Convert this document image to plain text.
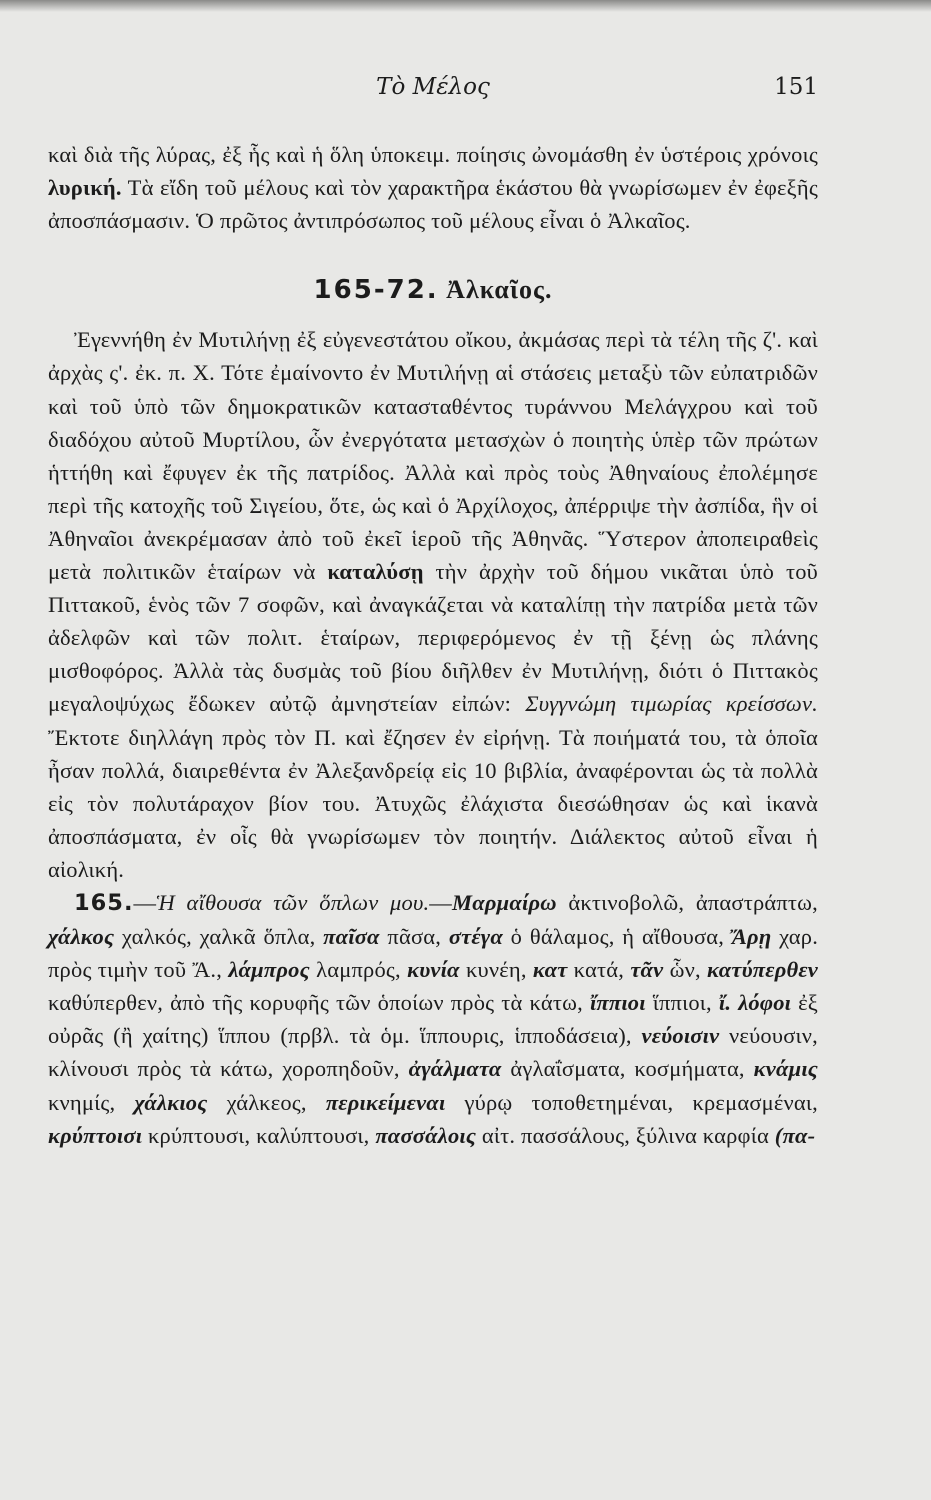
Τὸ Μέλος	151

καὶ διὰ τῆς λύρας, ἐξ ἧς καὶ ἡ ὅλη ὑποκειμ. ποίησις ὠνομάσθη ἐν ὑστέροις χρόνοις λυρική. Τὰ εἴδη τοῦ μέλους καὶ τὸν χαρακτῆρα ἑκάστου θὰ γνωρίσωμεν ἐν ἐφεξῆς ἀποσπάσμασιν. Ὁ πρῶτος ἀντιπρόσωπος τοῦ μέλους εἶναι ὁ Ἀλκαῖος.

165-72. Ἀλκαῖος.

Ἐγεννήθη ἐν Μυτιλήνῃ ἐξ εὐγενεστάτου οἴκου, ἀκμάσας περὶ τὰ τέλη τῆς ζ'. καὶ ἀρχὰς ς'. ἐκ. π. Χ. Τότε ἐμαίνοντο ἐν Μυτιλήνῃ αἱ στάσεις μεταξὺ τῶν εὐπατριδῶν καὶ τοῦ ὑπὸ τῶν δημοκρατικῶν κατασταθέντος τυράννου Μελάγχρου καὶ τοῦ διαδόχου αὐτοῦ Μυρτίλου, ὧν ἐνεργότατα μετασχὼν ὁ ποιητὴς ὑπὲρ τῶν πρώτων ἡττήθη καὶ ἔφυγεν ἐκ τῆς πατρίδος. Ἀλλὰ καὶ πρὸς τοὺς Ἀθηναίους ἐπολέμησε περὶ τῆς κατοχῆς τοῦ Σιγείου, ὅτε, ὡς καὶ ὁ Ἀρχίλοχος, ἀπέρριψε τὴν ἀσπίδα, ἣν οἱ Ἀθηναῖοι ἀνεκρέμασαν ἀπὸ τοῦ ἐκεῖ ἱεροῦ τῆς Ἀθηνᾶς. Ὕστερον ἀποπειραθεὶς μετὰ πολιτικῶν ἑταίρων νὰ καταλύσῃ τὴν ἀρχὴν τοῦ δήμου νικᾶται ὑπὸ τοῦ Πιττακοῦ, ἑνὸς τῶν 7 σοφῶν, καὶ ἀναγκάζεται νὰ καταλίπῃ τὴν πατρίδα μετὰ τῶν ἀδελφῶν καὶ τῶν πολιτ. ἑταίρων, περιφερόμενος ἐν τῇ ξένῃ ὡς πλάνης μισθοφόρος. Ἀλλὰ τὰς δυσμὰς τοῦ βίου διῆλθεν ἐν Μυτιλήνῃ, διότι ὁ Πιττακὸς μεγαλοψύχως ἔδωκεν αὐτῷ ἀμνηστείαν εἰπών: Συγγνώμη τιμωρίας κρείσσων. Ἔκτοτε διηλλάγη πρὸς τὸν Π. καὶ ἔζησεν ἐν εἰρήνῃ. Τὰ ποιήματά του, τὰ ὁποῖα ἦσαν πολλά, διαιρεθέντα ἐν Ἀλεξανδρείᾳ εἰς 10 βιβλία, ἀναφέρονται ὡς τὰ πολλὰ εἰς τὸν πολυτάραχον βίον του. Ἀτυχῶς ἐλάχιστα διεσώθησαν ὡς καὶ ἱκανὰ ἀποσπάσματα, ἐν οἷς θὰ γνωρίσωμεν τὸν ποιητήν. Διάλεκτος αὐτοῦ εἶναι ἡ αἰολική.

165.—Ἡ αἴθουσα τῶν ὅπλων μου.—Μαρμαίρω ἀκτινοβολῶ, ἀπαστράπτω, χάλκος χαλκός, χαλκᾶ ὅπλα, παῖσα πᾶσα, στέγα ὁ θάλαμος, ἡ αἴθουσα, Ἄρῃ χαρ. πρὸς τιμὴν τοῦ Ἄ., λάμπρος λαμπρός, κυνία κυνέη, κατ κατά, τᾶν ὧν, κατύπερθεν καθύπερθεν, ἀπὸ τῆς κορυφῆς τῶν ὁποίων πρὸς τὰ κάτω, ἴππιοι ἵππιοι, ἴ. λόφοι ἐξ οὐρᾶς (ἢ χαίτης) ἵππου (πρβλ. τὰ ὁμ. ἵππουρις, ἱπποδάσεια), νεύοισιν νεύουσιν, κλίνουσι πρὸς τὰ κάτω, χοροπηδοῦν, ἀγάλματα ἀγλαΐσματα, κοσμήματα, κνάμις κνημίς, χάλκιος χάλκεος, περικείμεναι γύρῳ τοποθετημέναι, κρεμασμέναι, κρύπτοισι κρύπτουσι, καλύπτουσι, πασσάλοις αἰτ. πασσάλους, ξύλινα καρφία (πα-
